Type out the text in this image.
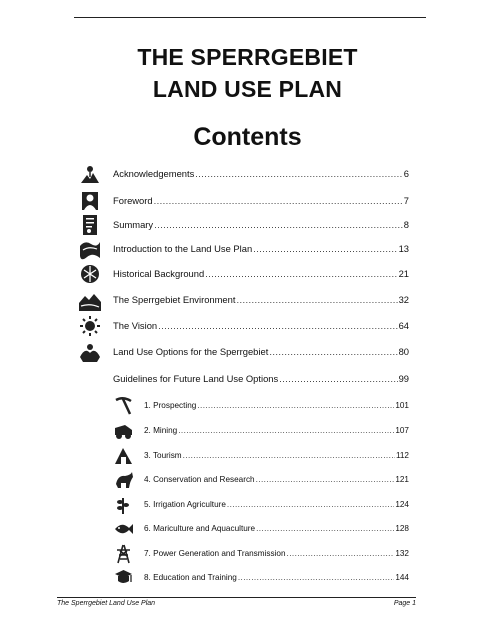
THE SPERRGEBIET
LAND USE PLAN
Contents
Acknowledgements .....	6
Foreword .....	7
Summary .....	8
Introduction to the Land Use Plan .....	13
Historical Background .....	21
The Sperrgebiet Environment .....	32
The Vision .....	64
Land Use Options for the Sperrgebiet .....	80
Guidelines for Future Land Use Options .....	99
1. Prospecting .....	101
2. Mining .....	107
3. Tourism .....	112
4. Conservation and Research .....	121
5. Irrigation Agriculture .....	124
6. Mariculture and Aquaculture .....	128
7. Power Generation and Transmission .....	132
8. Education and Training .....	144
The Sperrgebiet Land Use Plan	Page 1
